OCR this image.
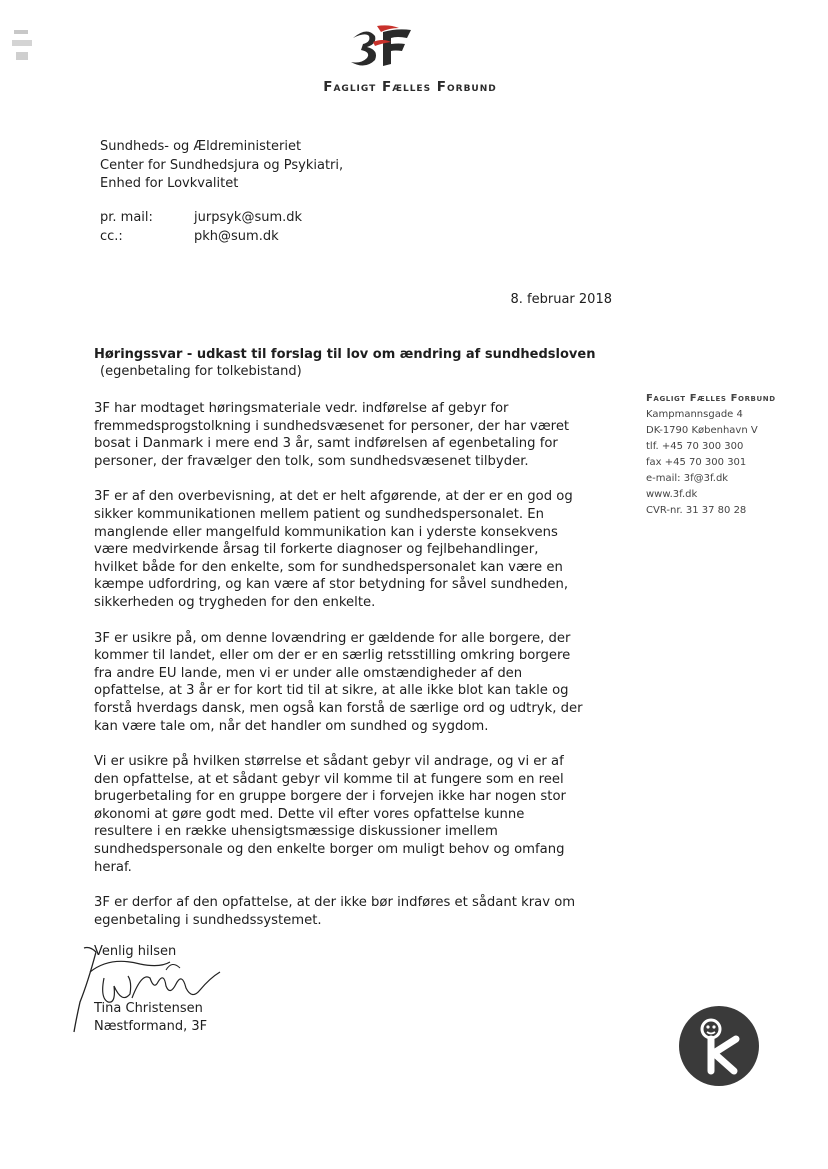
Fagligt Fælles Forbund
Sundheds- og Ældreministeriet
Center for Sundhedsjura og Psykiatri,
Enhed for Lovkvalitet
pr. mail:	jurpsyk@sum.dk
cc.:	pkh@sum.dk
8. februar 2018
Høringssvar - udkast til forslag til lov om ændring af sundhedsloven
(egenbetaling for tolkebistand)

3F har modtaget høringsmateriale vedr. indførelse af gebyr for
fremmedsprogstolkning i sundhedsvæsenet for personer, der har været
bosat i Danmark i mere end 3 år, samt indførelsen af egenbetaling for
personer, der fravælger den tolk, som sundhedsvæsenet tilbyder.

3F er af den overbevisning, at det er helt afgørende, at der er en god og
sikker kommunikationen mellem patient og sundhedspersonalet. En
manglende eller mangelfuld kommunikation kan i yderste konsekvens
være medvirkende årsag til forkerte diagnoser og fejlbehandlinger,
hvilket både for den enkelte, som for sundhedspersonalet kan være en
kæmpe udfordring, og kan være af stor betydning for såvel sundheden,
sikkerheden og trygheden for den enkelte.

3F er usikre på, om denne lovændring er gældende for alle borgere, der
kommer til landet, eller om der er en særlig retsstilling omkring borgere
fra andre EU lande, men vi er under alle omstændigheder af den
opfattelse, at 3 år er for kort tid til at sikre, at alle ikke blot kan takle og
forstå hverdags dansk, men også kan forstå de særlige ord og udtryk, der
kan være tale om, når det handler om sundhed og sygdom.

Vi er usikre på hvilken størrelse et sådant gebyr vil andrage, og vi er af
den opfattelse, at et sådant gebyr vil komme til at fungere som en reel
brugerbetaling for en gruppe borgere der i forvejen ikke har nogen stor
økonomi at gøre godt med. Dette vil efter vores opfattelse kunne
resultere i en række uhensigtsmæssige diskussioner imellem
sundhedspersonale og den enkelte borger om muligt behov og omfang
heraf.

3F er derfor af den opfattelse, at der ikke bør indføres et sådant krav om
egenbetaling i sundhedssystemet.

Fagligt Fælles Forbund
Kampmannsgade 4
DK-1790 København V
tlf. +45 70 300 300
fax +45 70 300 301
e-mail: 3f@3f.dk
www.3f.dk
CVR-nr. 31 37 80 28
Venlig hilsen
Tina Christensen
Næstformand, 3F
